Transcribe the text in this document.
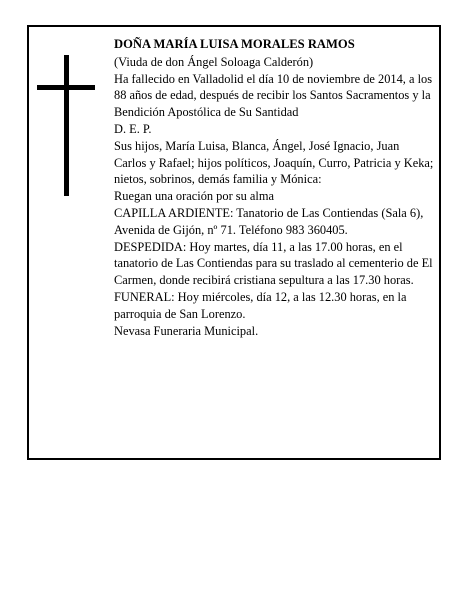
DOÑA MARÍA LUISA MORALES RAMOS

(Viuda de don Ángel Soloaga Calderón)

Ha fallecido en Valladolid el día 10 de noviembre de 2014, a los 88 años de edad, después de recibir los Santos Sacramentos y la Bendición Apostólica de Su Santidad

D. E. P.

Sus hijos, María Luisa, Blanca, Ángel, José Ignacio, Juan Carlos y Rafael; hijos políticos, Joaquín, Curro, Patricia y Keka; nietos, sobrinos, demás familia y Mónica:

Ruegan una oración por su alma

CAPILLA ARDIENTE: Tanatorio de Las Contiendas (Sala 6), Avenida de Gijón, nº 71. Teléfono 983 360405.

DESPEDIDA: Hoy martes, día 11, a las 17.00 horas, en el tanatorio de Las Contiendas para su traslado al cementerio de El Carmen, donde recibirá cristiana sepultura a las 17.30 horas.

FUNERAL: Hoy miércoles, día 12, a las 12.30 horas, en la parroquia de San Lorenzo.

Nevasa Funeraria Municipal.
